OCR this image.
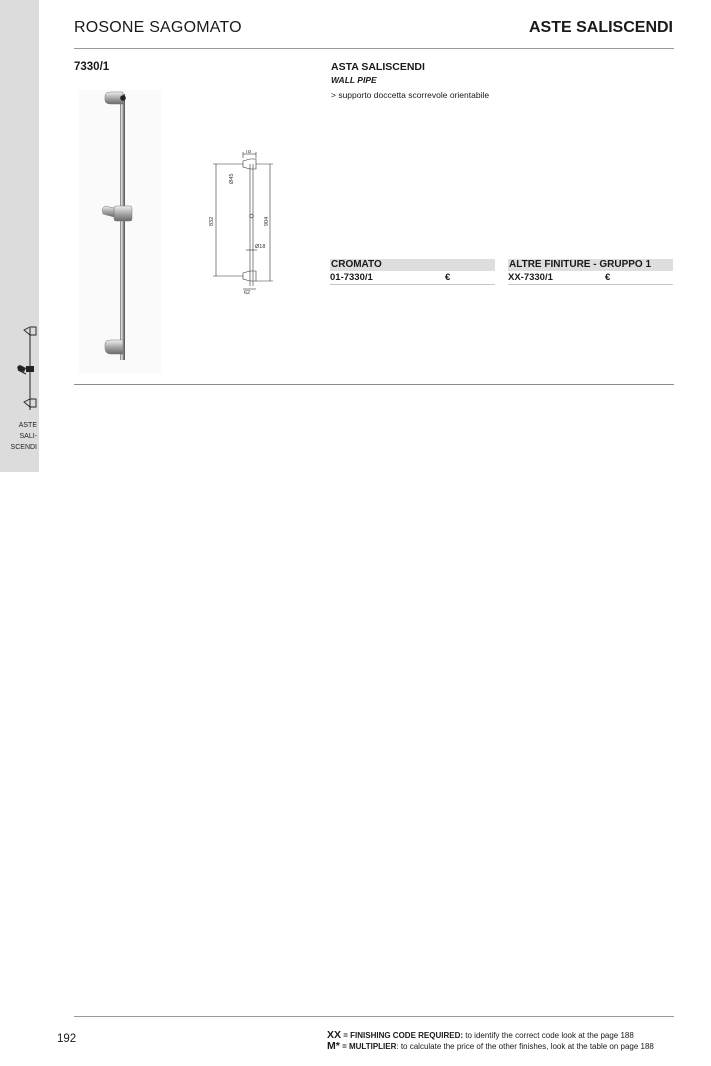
ASTE
SALI-
SCENDI
ROSONE SAGOMATO	ASTE SALISCENDI
7330/1
78
Ø45
832	904
Ø18
62
ASTA SALISCENDI
WALL PIPE
> supporto doccetta scorrevole orientabile
CROMATO
01-7330/1	€
ALTRE FINITURE - GRUPPO 1
XX-7330/1	€
192	XX = FINISHING CODE REQUIRED: to identify the correct code look at the page 188
M* = MULTIPLIER: to calculate the price of the other finishes, look at the table on page 188
